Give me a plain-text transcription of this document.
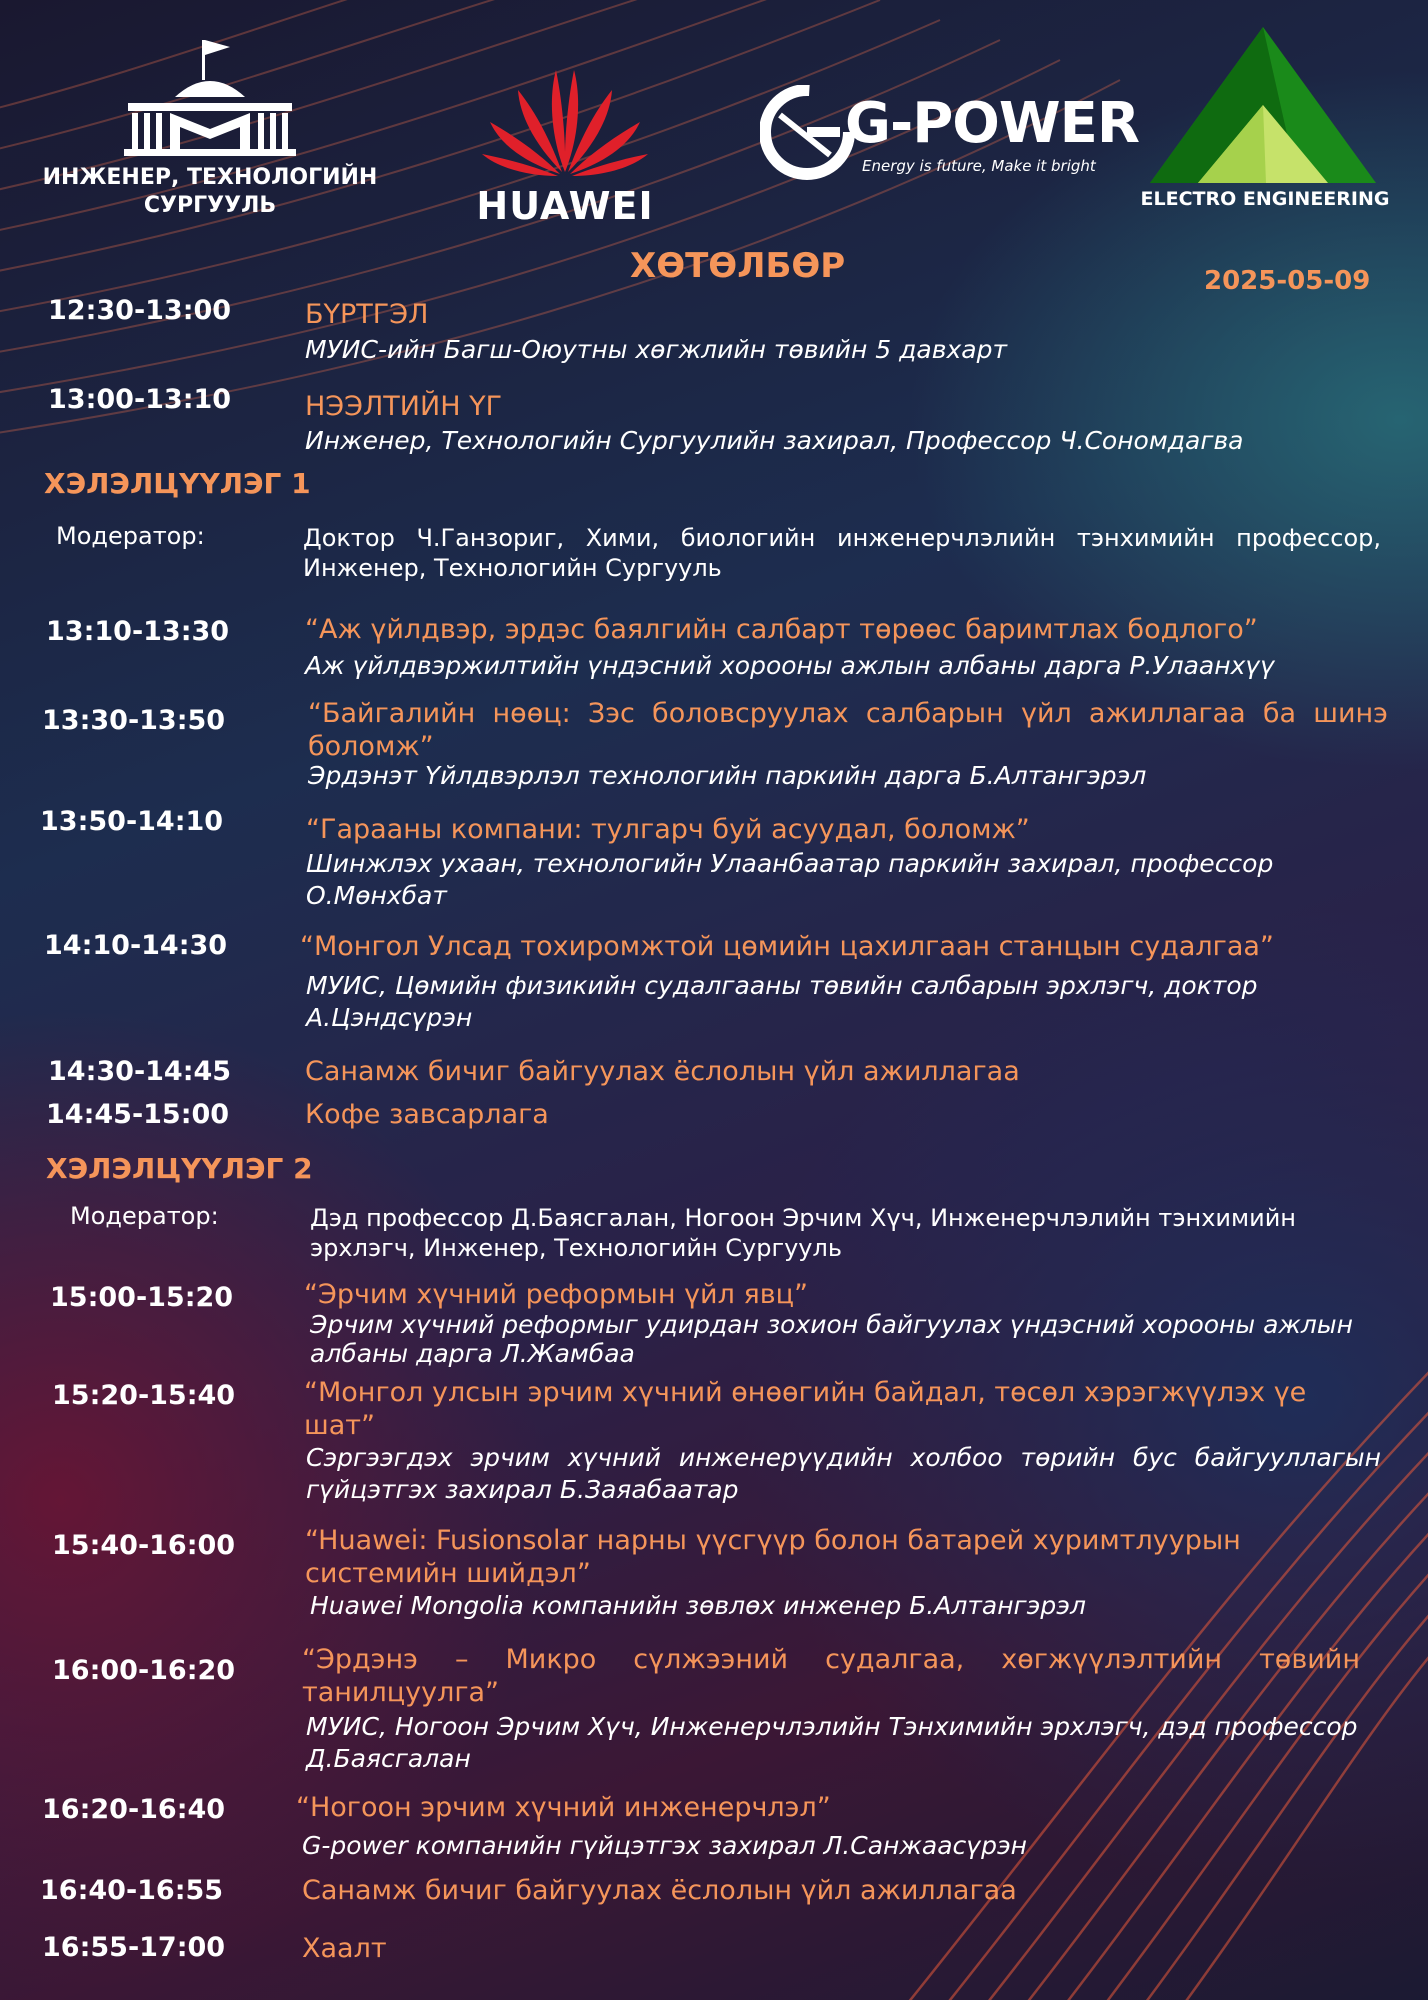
ИНЖЕНЕР, ТЕХНОЛОГИЙН СУРГУУЛЬ	HUAWEI
G-POWER
Energy is future, Make it bright
ELECTRO ENGINEERING
ХӨТӨЛБӨР	2025-05-09
12:30-13:00	БҮРТГЭЛ
МУИС-ийн Багш-Оюутны хөгжлийн төвийн 5 давхарт
13:00-13:10	НЭЭЛТИЙН ҮГ
Инженер, Технологийн Сургуулийн захирал, Профессор Ч.Сономдагва
ХЭЛЭЛЦҮҮЛЭГ 1
Модератор:	Доктор Ч.Ганзориг, Хими, биологийн инженерчлэлийн тэнхимийн профессор, Инженер, Технологийн Сургууль
13:10-13:30	“Аж үйлдвэр, эрдэс баялгийн салбарт төрөөс баримтлах бодлого”
Аж үйлдвэржилтийн үндэсний хорооны ажлын албаны дарга Р.Улаанхүү
13:30-13:50	“Байгалийн нөөц: Зэс боловсруулах салбарын үйл ажиллагаа ба шинэ боломж”
Эрдэнэт Үйлдвэрлэл технологийн паркийн дарга Б.Алтангэрэл
13:50-14:10	“Гарааны компани: тулгарч буй асуудал, боломж”
Шинжлэх ухаан, технологийн Улаанбаатар паркийн захирал, профессор О.Мөнхбат
14:10-14:30	“Монгол Улсад тохиромжтой цөмийн цахилгаан станцын судалгаа”
МУИС, Цөмийн физикийн судалгааны төвийн салбарын эрхлэгч, доктор А.Цэндсүрэн
14:30-14:45	Санамж бичиг байгуулах ёслолын үйл ажиллагаа
14:45-15:00	Кофе завсарлага
ХЭЛЭЛЦҮҮЛЭГ 2
Модератор:	Дэд профессор Д.Баясгалан, Ногоон Эрчим Хүч, Инженерчлэлийн тэнхимийн эрхлэгч, Инженер, Технологийн Сургууль
15:00-15:20	“Эрчим хүчний реформын үйл явц”
Эрчим хүчний реформыг удирдан зохион байгуулах үндэсний хорооны ажлын албаны дарга Л.Жамбаа
15:20-15:40	“Монгол улсын эрчим хүчний өнөөгийн байдал, төсөл хэрэгжүүлэх үе шат”
Сэргээгдэх эрчим хүчний инженерүүдийн холбоо төрийн бус байгууллагын гүйцэтгэх захирал Б.Заяабаатар
15:40-16:00	“Huawei: Fusionsolar нарны үүсгүүр болон батарей хуримтлуурын системийн шийдэл”
Huawei Mongolia компанийн зөвлөх инженер Б.Алтангэрэл
16:00-16:20 “Эрдэнэ – Микро сүлжээний судалгаа, хөгжүүлэлтийн төвийн танилцуулга”
МУИС, Ногоон Эрчим Хүч, Инженерчлэлийн Тэнхимийн эрхлэгч, дэд профессор Д.Баясгалан
16:20-16:40	“Ногоон эрчим хүчний инженерчлэл”
G-power компанийн гүйцэтгэх захирал Л.Санжаасүрэн
16:40-16:55	Санамж бичиг байгуулах ёслолын үйл ажиллагаа
16:55-17:00	Хаалт
